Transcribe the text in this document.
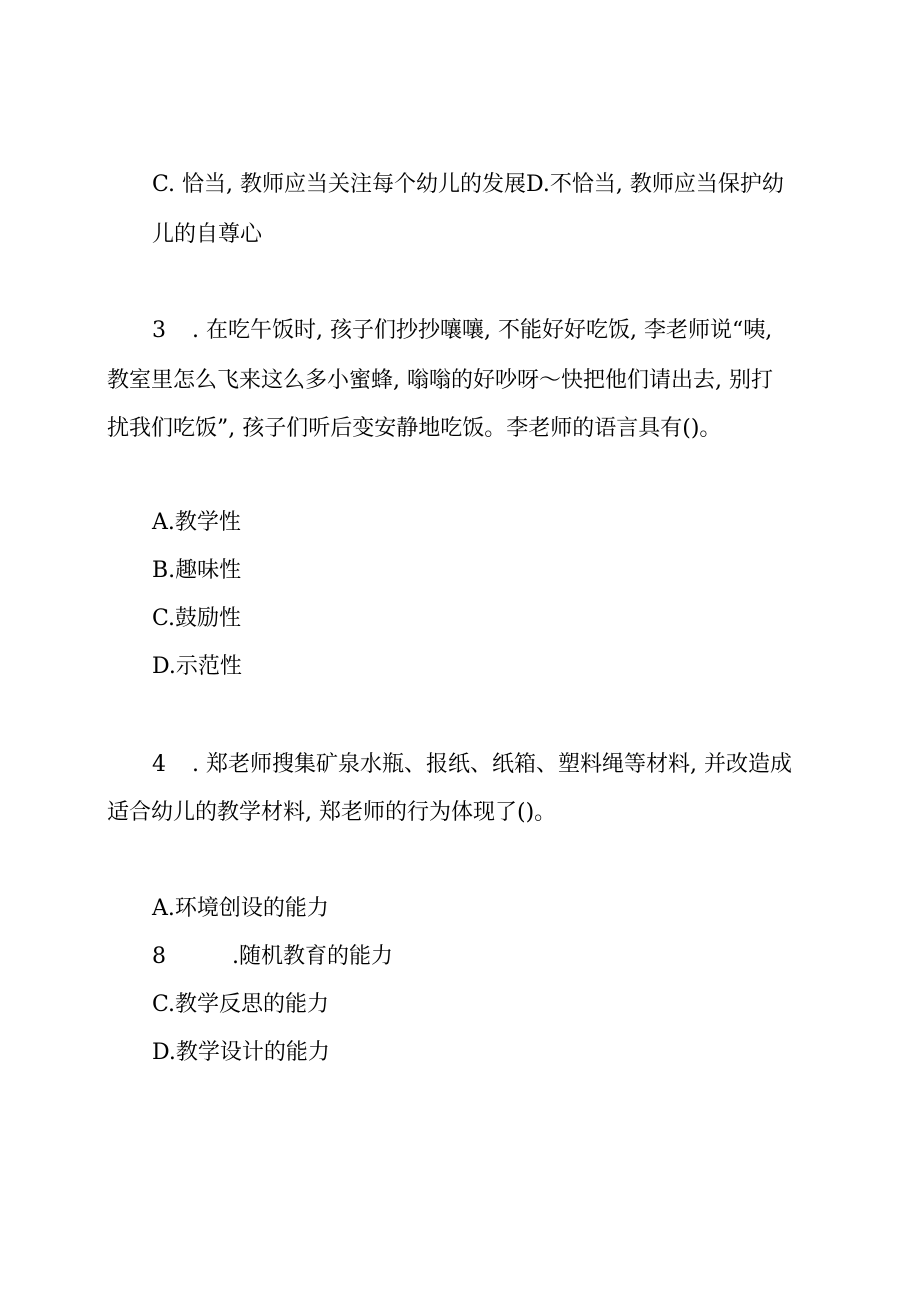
C. 恰当, 教师应当关注每个幼儿的发展D.不恰当, 教师应当保护幼
儿的自尊心
3 . 在吃午饭时, 孩子们抄抄嚷嚷, 不能好好吃饭, 李老师说“咦,
教室里怎么飞来这么多小蜜蜂, 嗡嗡的好吵呀～快把他们请出去, 别打
扰我们吃饭”, 孩子们听后变安静地吃饭。李老师的语言具有()。
A.教学性
B.趣味性
C.鼓励性
D.示范性
4 . 郑老师搜集矿泉水瓶、报纸、纸箱、塑料绳等材料, 并改造成
适合幼儿的教学材料, 郑老师的行为体现了()。
A.环境创设的能力
8	.随机教育的能力
C.教学反思的能力
D.教学设计的能力
